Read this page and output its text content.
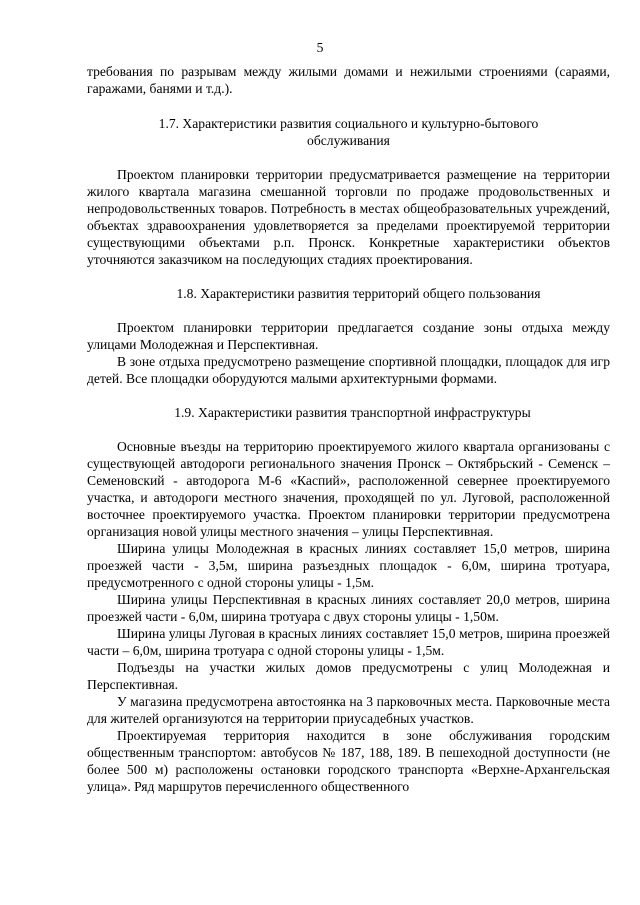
5

требования по разрывам между жилыми домами и нежилыми строениями (сараями, гаражами, банями и т.д.).

1.7. Характеристики развития социального и культурно-бытового обслуживания

Проектом планировки территории предусматривается размещение на территории жилого квартала магазина смешанной торговли по продаже продовольственных и непродовольственных товаров. Потребность в местах общеобразовательных учреждений, объектах здравоохранения удовлетворяется за пределами проектируемой территории существующими объектами р.п. Пронск. Конкретные характеристики объектов уточняются заказчиком на последующих стадиях проектирования.

1.8. Характеристики развития территорий общего пользования

Проектом планировки территории предлагается создание зоны отдыха между улицами Молодежная и Перспективная.

В зоне отдыха предусмотрено размещение спортивной площадки, площадок для игр детей. Все площадки оборудуются малыми архитектурными формами.

1.9. Характеристики развития транспортной инфраструктуры

Основные въезды на территорию проектируемого жилого квартала организованы с существующей автодороги регионального значения Пронск – Октябрьский - Семенск – Семеновский - автодорога М-6 «Каспий», расположенной севернее проектируемого участка, и автодороги местного значения, проходящей по ул. Луговой, расположенной восточнее проектируемого участка. Проектом планировки территории предусмотрена организация новой улицы местного значения – улицы Перспективная.

Ширина улицы Молодежная в красных линиях составляет 15,0 метров, ширина проезжей части - 3,5м, ширина разъездных площадок - 6,0м, ширина тротуара, предусмотренного с одной стороны улицы - 1,5м.

Ширина улицы Перспективная в красных линиях составляет 20,0 метров, ширина проезжей части - 6,0м, ширина тротуара с двух стороны улицы - 1,50м.

Ширина улицы Луговая в красных линиях составляет 15,0 метров, ширина проезжей части – 6,0м, ширина тротуара с одной стороны улицы - 1,5м.

Подъезды на участки жилых домов предусмотрены с улиц Молодежная и Перспективная.

У магазина предусмотрена автостоянка на 3 парковочных места. Парковочные места для жителей организуются на территории приусадебных участков.

Проектируемая территория находится в зоне обслуживания городским общественным транспортом: автобусов № 187, 188, 189. В пешеходной доступности (не более 500 м) расположены остановки городского транспорта «Верхне-Архангельская улица». Ряд маршрутов перечисленного общественного
